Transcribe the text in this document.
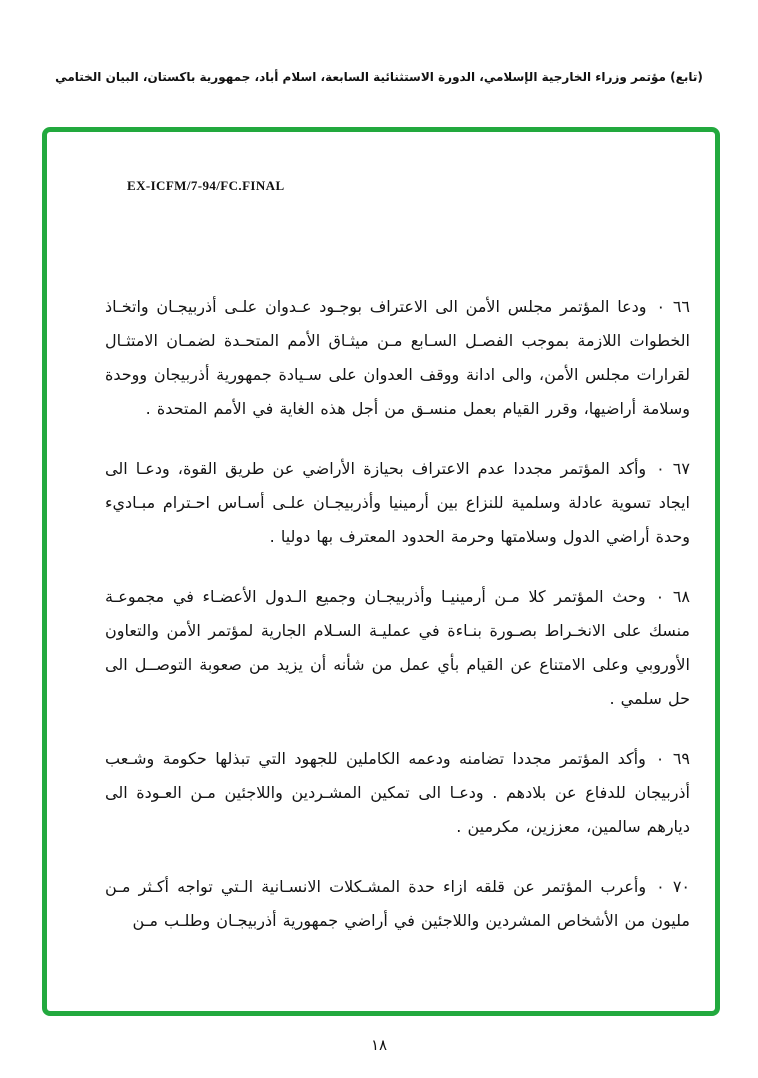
(تابع) مؤتمر وزراء الخارجية الإسلامي، الدورة الاستثنائية السابعة، اسلام أباد، جمهورية باكستان، البيان الختامي
EX-ICFM/7-94/FC.FINAL

٦٦ ٠ودعا المؤتمر مجلس الأمن الى الاعتراف بوجـود عـدوان علـى أذربيجـان واتخـاذ الخطوات اللازمة بموجب الفصـل السـابع مـن ميثـاق الأمم المتحـدة لضمـان الامتثـال لقرارات مجلس الأمن، والى ادانة ووقف العدوان على سـيادة جمهورية أذربيجان ووحدة وسلامة أراضيها، وقرر القيام بعمل منسـق من أجل هذه الغاية في الأمم المتحدة .

٦٧ ٠وأكد المؤتمر مجددا عدم الاعتراف بحيازة الأراضي عن طريق القوة، ودعـا الى ايجاد تسوية عادلة وسلمية للنزاع بين أرمينيا وأذربيجـان علـى أسـاس احـترام مبـاديء وحدة أراضي الدول وسلامتها وحرمة الحدود المعترف بها دوليا .

٦٨ ٠وحث المؤتمر كلا مـن أرمينيـا وأذربيجـان وجميع الـدول الأعضـاء في مجموعـة منسك على الانخـراط بصـورة بنـاءة في عمليـة السـلام الجارية لمؤتمر الأمن والتعاون الأوروبي وعلى الامتناع عن القيام بأي عمل من شأنه أن يزيد من صعوبة التوصــل الى حل سلمي .

٦٩ ٠وأكد المؤتمر مجددا تضامنه ودعمه الكاملين للجهود التي تبذلها حكومة وشـعب أذربيجان للدفاع عن بلادهم . ودعـا الى تمكين المشـردين واللاجئين مـن العـودة الى ديارهم سالمين، معززين، مكرمين .

٧٠ ٠وأعرب المؤتمر عن قلقه ازاء حدة المشـكلات الانسـانية الـتي تواجه أكـثر مـن مليون من الأشخاص المشردين واللاجئين في أراضي جمهورية أذربيجـان وطلـب مـن

١٨
